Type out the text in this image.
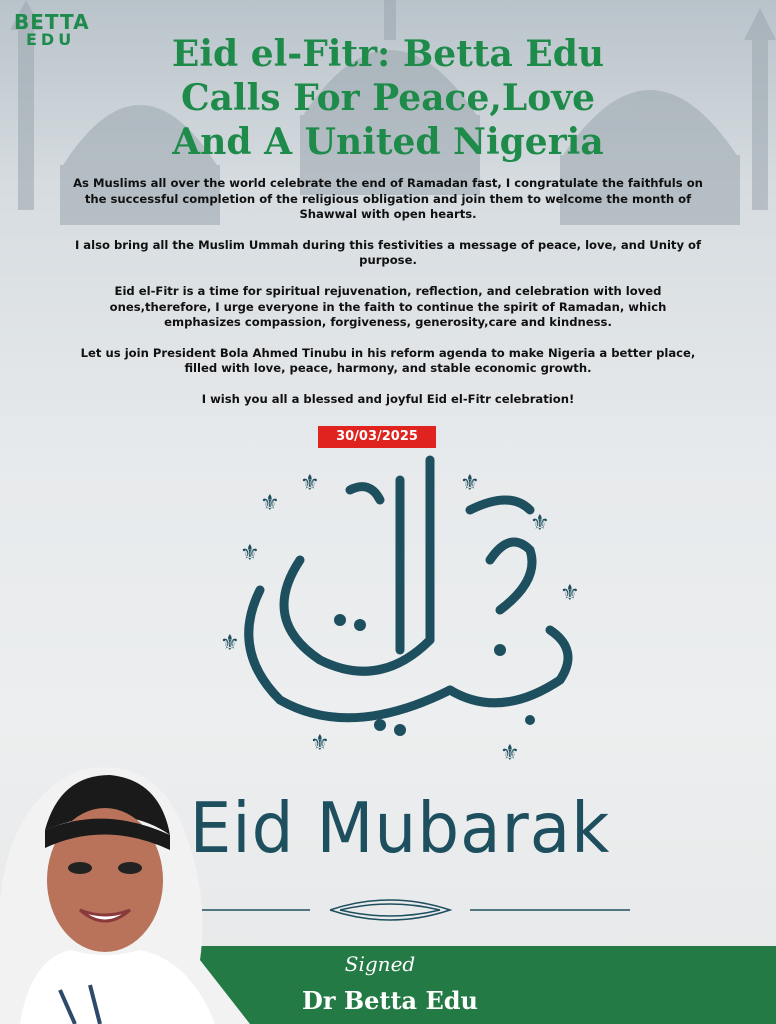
BETTA
EDU	Eid el-Fitr: Betta Edu
Calls For Peace,Love
And A United Nigeria

As Muslims all over the world celebrate the end of Ramadan fast, I congratulate the faithfuls on the successful completion of the religious obligation and join them to welcome the month of Shawwal with open hearts.

I also bring all the Muslim Ummah during this festivities a message of peace, love, and Unity of purpose.

Eid el-Fitr is a time for spiritual rejuvenation, reflection, and celebration with loved ones,therefore, I urge everyone in the faith to continue the spirit of Ramadan, which emphasizes compassion, forgiveness, generosity,care and kindness.

Let us join President Bola Ahmed Tinubu in his reform agenda to make Nigeria a better place, filled with love, peace, harmony, and stable economic growth.

I wish you all a blessed and joyful Eid el-Fitr celebration!

30/03/2025
⚜
⚜
⚜
⚜
⚜
⚜
⚜	⚜
⚜
Eid Mubarak
Signed
Dr Betta Edu
